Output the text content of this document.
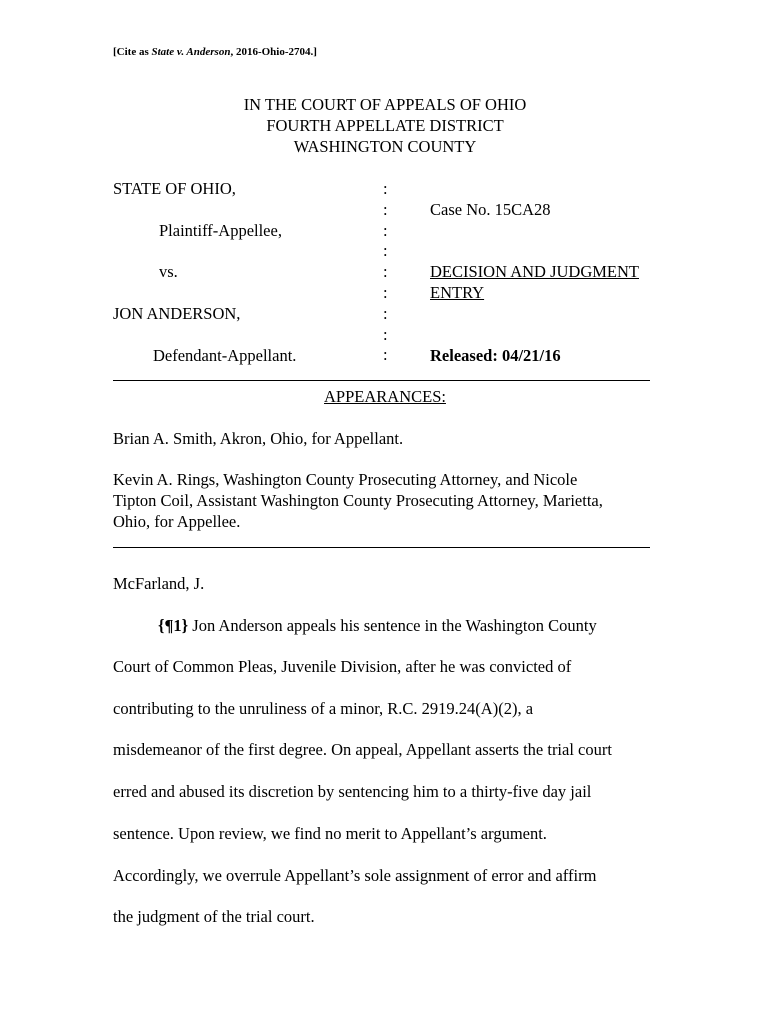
[Cite as State v. Anderson, 2016-Ohio-2704.]
IN THE COURT OF APPEALS OF OHIO
FOURTH APPELLATE DISTRICT
WASHINGTON COUNTY
STATE OF OHIO,
Plaintiff-Appellee,
vs.
JON ANDERSON,
Defendant-Appellant.
:
:
:
:
:
:
:
:
:
Case No. 15CA28
DECISION AND JUDGMENT
ENTRY
Released: 04/21/16
APPEARANCES:
Brian A. Smith, Akron, Ohio, for Appellant.
Kevin A. Rings, Washington County Prosecuting Attorney, and Nicole
Tipton Coil, Assistant Washington County Prosecuting Attorney, Marietta,
Ohio, for Appellee.
McFarland, J.
{¶1} Jon Anderson appeals his sentence in the Washington County
Court of Common Pleas, Juvenile Division, after he was convicted of
contributing to the unruliness of a minor, R.C. 2919.24(A)(2), a
misdemeanor of the first degree. On appeal, Appellant asserts the trial court
erred and abused its discretion by sentencing him to a thirty-five day jail
sentence. Upon review, we find no merit to Appellant’s argument.
Accordingly, we overrule Appellant’s sole assignment of error and affirm
the judgment of the trial court.
